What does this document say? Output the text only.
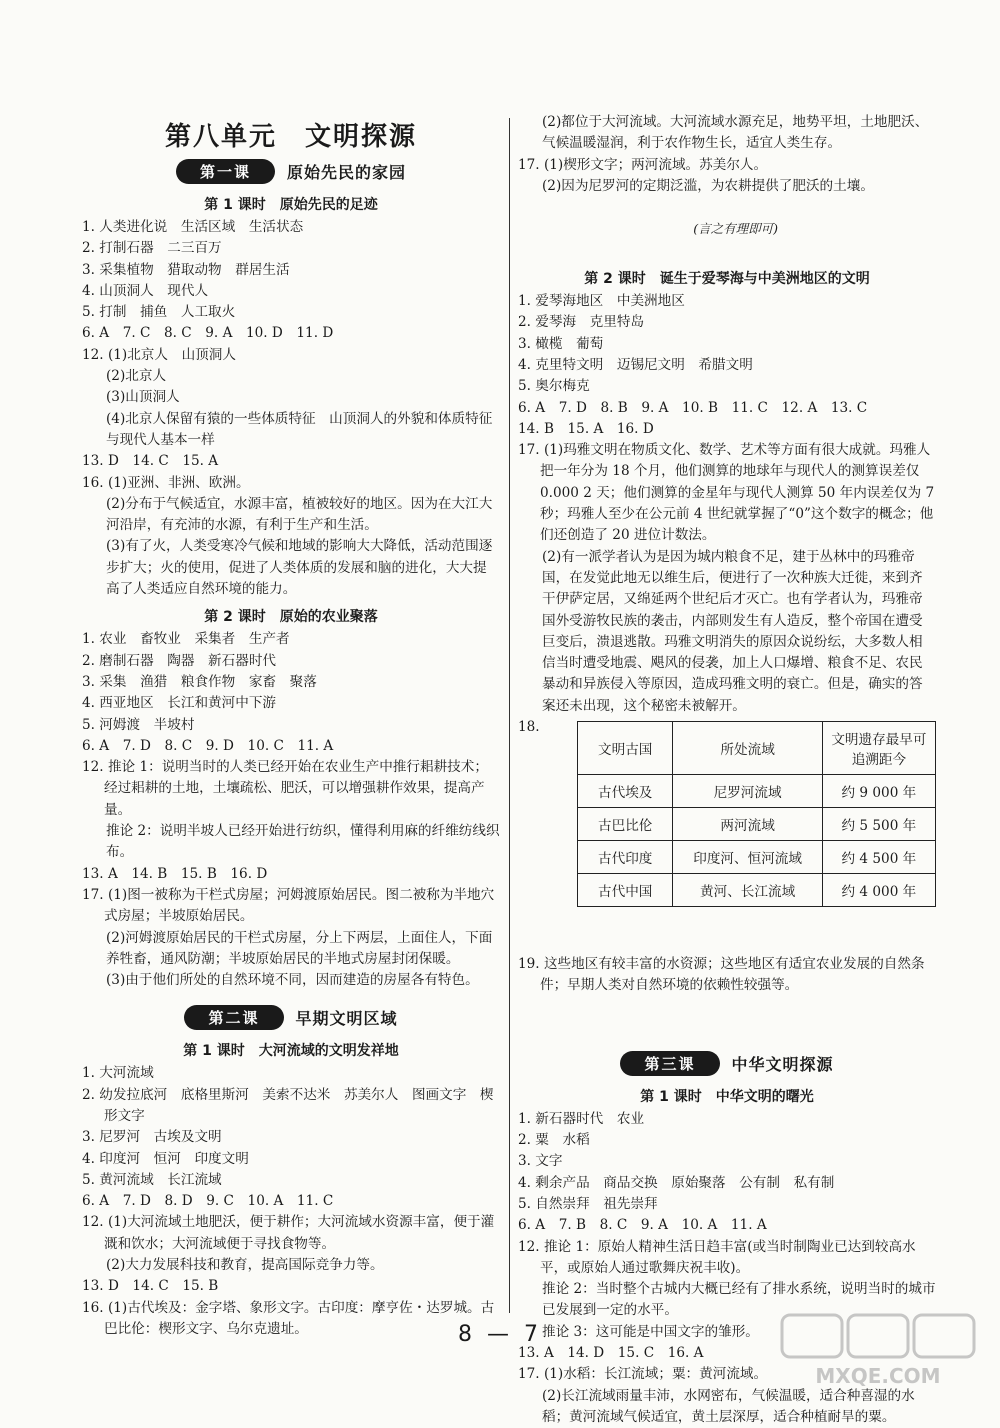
第八单元　文明探源
第一课	原始先民的家园
第 1 课时　原始先民的足迹
1. 人类进化说　生活区域　生活状态
2. 打制石器　二三百万
3. 采集植物　猎取动物　群居生活
4. 山顶洞人　现代人
5. 打制　捕鱼　人工取火
6. A　7. C　8. C　9. A　10. D　11. D
12. (1)北京人　山顶洞人
(2)北京人
(3)山顶洞人
(4)北京人保留有猿的一些体质特征　山顶洞人的外貌和体质特征与现代人基本一样
13. D　14. C　15. A
16. (1)亚洲、非洲、欧洲。
(2)分布于气候适宜，水源丰富，植被较好的地区。因为在大江大河沿岸，有充沛的水源，有利于生产和生活。
(3)有了火，人类受寒冷气候和地域的影响大大降低，活动范围逐步扩大；火的使用，促进了人类体质的发展和脑的进化，大大提高了人类适应自然环境的能力。
第 2 课时　原始的农业聚落
1. 农业　畜牧业　采集者　生产者
2. 磨制石器　陶器　新石器时代
3. 采集　渔猎　粮食作物　家畜　聚落
4. 西亚地区　长江和黄河中下游
5. 河姆渡　半坡村
6. A　7. D　8. C　9. D　10. C　11. A
12. 推论 1：说明当时的人类已经开始在农业生产中推行耜耕技术；经过耜耕的土地，土壤疏松、肥沃，可以增强耕作效果，提高产量。
推论 2：说明半坡人已经开始进行纺织，懂得利用麻的纤维纺线织布。
13. A　14. B　15. B　16. D
17. (1)图一被称为干栏式房屋；河姆渡原始居民。图二被称为半地穴式房屋；半坡原始居民。
(2)河姆渡原始居民的干栏式房屋，分上下两层，上面住人，下面养牲畜，通风防潮；半坡原始居民的半地式房屋封闭保暖。
(3)由于他们所处的自然环境不同，因而建造的房屋各有特色。
第二课	早期文明区域
第 1 课时　大河流域的文明发祥地
1. 大河流域
2. 幼发拉底河　底格里斯河　美索不达米　苏美尔人　图画文字　楔形文字
3. 尼罗河　古埃及文明
4. 印度河　恒河　印度文明
5. 黄河流域　长江流域
6. A　7. D　8. D　9. C　10. A　11. C
12. (1)大河流域土地肥沃，便于耕作；大河流域水资源丰富，便于灌溉和饮水；大河流域便于寻找食物等。
(2)大力发展科技和教育，提高国际竞争力等。
13. D　14. C　15. B
16. (1)古代埃及：金字塔、象形文字。古印度：摩亨佐・达罗城。古巴比伦：楔形文字、乌尔克遗址。
(2)都位于大河流域。大河流域水源充足，地势平坦，土地肥沃、气候温暖湿润，利于农作物生长，适宜人类生存。
17. (1)楔形文字；两河流域。苏美尔人。
(2)因为尼罗河的定期泛滥，为农耕提供了肥沃的土壤。

(言之有理即可)

第 2 课时　诞生于爱琴海与中美洲地区的文明
1. 爱琴海地区　中美洲地区
2. 爱琴海　克里特岛
3. 橄榄　葡萄
4. 克里特文明　迈锡尼文明　希腊文明
5. 奥尔梅克
6. A　7. D　8. B　9. A　10. B　11. C　12. A　13. C
14. B　15. A　16. D
17. (1)玛雅文明在物质文化、数学、艺术等方面有很大成就。玛雅人把一年分为 18 个月，他们测算的地球年与现代人的测算误差仅 0.000 2 天；他们测算的金星年与现代人测算 50 年内误差仅为 7 秒；玛雅人至少在公元前 4 世纪就掌握了“0”这个数字的概念；他们还创造了 20 进位计数法。
(2)有一派学者认为是因为城内粮食不足，建于丛林中的玛雅帝国，在发觉此地无以维生后，便进行了一次种族大迁徙，来到齐干伊萨定居，又绵延两个世纪后才灭亡。也有学者认为，玛雅帝国外受游牧民族的袭击，内部则发生有人造反，整个帝国在遭受巨变后，溃退逃散。玛雅文明消失的原因众说纷纭，大多数人相信当时遭受地震、飓风的侵袭，加上人口爆增、粮食不足、农民暴动和异族侵入等原因，造成玛雅文明的衰亡。但是，确实的答案还未出现，这个秘密未被解开。
18.
文明古国	所处流域	文明遗存最早可追溯距今
古代埃及	尼罗河流域	约 9 000 年
古巴比伦	两河流域	约 5 500 年
古代印度	印度河、恒河流域	约 4 500 年
古代中国	黄河、长江流域	约 4 000 年

19. 这些地区有较丰富的水资源；这些地区有适宜农业发展的自然条件；早期人类对自然环境的依赖性较强等。

第三课	中华文明探源
第 1 课时　中华文明的曙光
1. 新石器时代　农业
2. 粟　水稻
3. 文字
4. 剩余产品　商品交换　原始聚落　公有制　私有制
5. 自然崇拜　祖先崇拜
6. A　7. B　8. C　9. A　10. A　11. A
12. 推论 1：原始人精神生活日趋丰富(或当时制陶业已达到较高水平，或原始人通过歌舞庆祝丰收)。
推论 2：当时整个古城内大概已经有了排水系统，说明当时的城市已发展到一定的水平。
推论 3：这可能是中国文字的雏形。
13. A　14. D　15. C　16. A
17. (1)水稻：长江流域；粟：黄河流域。
(2)长江流域雨量丰沛，水网密布，气候温暖，适合种喜湿的水稻；黄河流域气候适宜，黄土层深厚，适合种植耐旱的粟。
8 — 7
MXQE.COM
